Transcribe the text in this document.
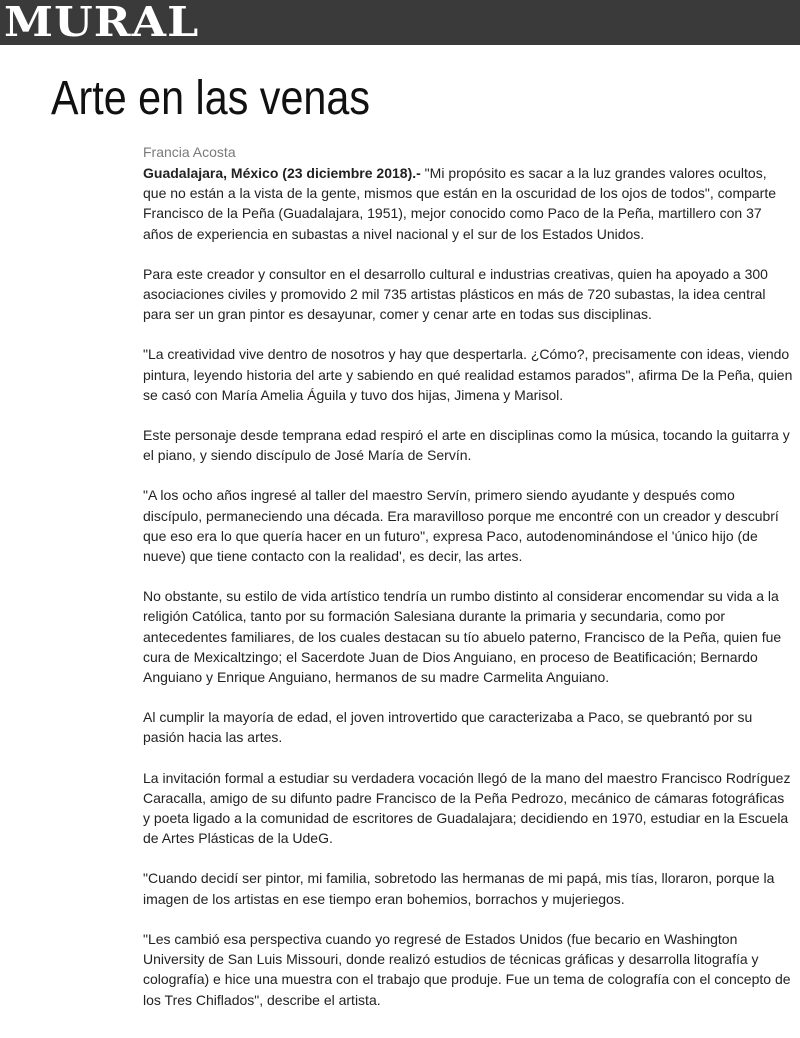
MURAL
Arte en las venas
Francia Acosta

Guadalajara, México (23 diciembre 2018).- "Mi propósito es sacar a la luz grandes valores ocultos, que no están a la vista de la gente, mismos que están en la oscuridad de los ojos de todos", comparte Francisco de la Peña (Guadalajara, 1951), mejor conocido como Paco de la Peña, martillero con 37 años de experiencia en subastas a nivel nacional y el sur de los Estados Unidos.

Para este creador y consultor en el desarrollo cultural e industrias creativas, quien ha apoyado a 300 asociaciones civiles y promovido 2 mil 735 artistas plásticos en más de 720 subastas, la idea central para ser un gran pintor es desayunar, comer y cenar arte en todas sus disciplinas.

"La creatividad vive dentro de nosotros y hay que despertarla. ¿Cómo?, precisamente con ideas, viendo pintura, leyendo historia del arte y sabiendo en qué realidad estamos parados", afirma De la Peña, quien se casó con María Amelia Águila y tuvo dos hijas, Jimena y Marisol.

Este personaje desde temprana edad respiró el arte en disciplinas como la música, tocando la guitarra y el piano, y siendo discípulo de José María de Servín.

"A los ocho años ingresé al taller del maestro Servín, primero siendo ayudante y después como discípulo, permaneciendo una década. Era maravilloso porque me encontré con un creador y descubrí que eso era lo que quería hacer en un futuro", expresa Paco, autodenominándose el 'único hijo (de nueve) que tiene contacto con la realidad', es decir, las artes.

No obstante, su estilo de vida artístico tendría un rumbo distinto al considerar encomendar su vida a la religión Católica, tanto por su formación Salesiana durante la primaria y secundaria, como por antecedentes familiares, de los cuales destacan su tío abuelo paterno, Francisco de la Peña, quien fue cura de Mexicaltzingo; el Sacerdote Juan de Dios Anguiano, en proceso de Beatificación; Bernardo Anguiano y Enrique Anguiano, hermanos de su madre Carmelita Anguiano.

Al cumplir la mayoría de edad, el joven introvertido que caracterizaba a Paco, se quebrantó por su pasión hacia las artes.

La invitación formal a estudiar su verdadera vocación llegó de la mano del maestro Francisco Rodríguez Caracalla, amigo de su difunto padre Francisco de la Peña Pedrozo, mecánico de cámaras fotográficas y poeta ligado a la comunidad de escritores de Guadalajara; decidiendo en 1970, estudiar en la Escuela de Artes Plásticas de la UdeG.

"Cuando decidí ser pintor, mi familia, sobretodo las hermanas de mi papá, mis tías, lloraron, porque la imagen de los artistas en ese tiempo eran bohemios, borrachos y mujeriegos.

"Les cambió esa perspectiva cuando yo regresé de Estados Unidos (fue becario en Washington University de San Luis Missouri, donde realizó estudios de técnicas gráficas y desarrolla litografía y colografía) e hice una muestra con el trabajo que produje. Fue un tema de colografía con el concepto de los Tres Chiflados", describe el artista.
